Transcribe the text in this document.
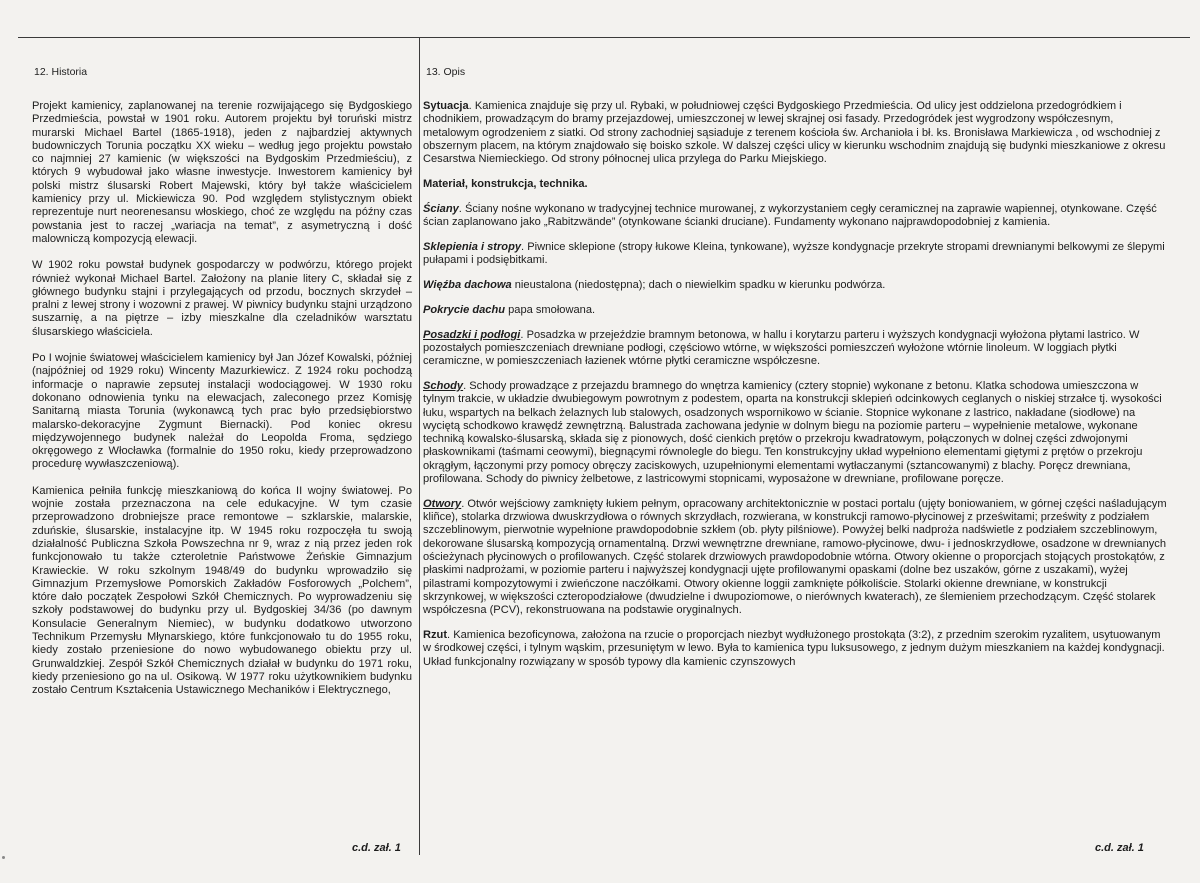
12. Historia	13. Opis

Projekt kamienicy, zaplanowanej na terenie rozwijającego się Bydgoskiego Przedmieścia, powstał w 1901 roku. Autorem projektu był toruński mistrz murarski Michael Bartel (1865-1918), jeden z najbardziej aktywnych budowniczych Torunia początku XX wieku – według jego projektu powstało co najmniej 27 kamienic (w większości na Bydgoskim Przedmieściu), z których 9 wybudował jako własne inwestycje. Inwestorem kamienicy był polski mistrz ślusarski Robert Majewski, który był także właścicielem kamienicy przy ul. Mickiewicza 90. Pod względem stylistycznym obiekt reprezentuje nurt neorenesansu włoskiego, choć ze względu na późny czas powstania jest to raczej „wariacja na temat”, z asymetryczną i dość malowniczą kompozycją elewacji.

W 1902 roku powstał budynek gospodarczy w podwórzu, którego projekt również wykonał Michael Bartel. Założony na planie litery C, składał się z głównego budynku stajni i przylegających od przodu, bocznych skrzydeł – pralni z lewej strony i wozowni z prawej. W piwnicy budynku stajni urządzono suszarnię, a na piętrze – izby mieszkalne dla czeladników warsztatu ślusarskiego właściciela.

Po I wojnie światowej właścicielem kamienicy był Jan Józef Kowalski, później (najpóźniej od 1929 roku) Wincenty Mazurkiewicz. Z 1924 roku pochodzą informacje o naprawie zepsutej instalacji wodociągowej. W 1930 roku dokonano odnowienia tynku na elewacjach, zaleconego przez Komisję Sanitarną miasta Torunia (wykonawcą tych prac było przedsiębiorstwo malarsko-dekoracyjne Zygmunt Biernacki). Pod koniec okresu międzywojennego budynek należał do Leopolda Froma, sędziego okręgowego z Włocławka (formalnie do 1950 roku, kiedy przeprowadzono procedurę wywłaszczeniową).

Kamienica pełniła funkcję mieszkaniową do końca II wojny światowej. Po wojnie została przeznaczona na cele edukacyjne. W tym czasie przeprowadzono drobniejsze prace remontowe – szklarskie, malarskie, zduńskie, ślusarskie, instalacyjne itp. W 1945 roku rozpoczęła tu swoją działalność Publiczna Szkoła Powszechna nr 9, wraz z nią przez jeden rok funkcjonowało tu także czteroletnie Państwowe Żeńskie Gimnazjum Krawieckie. W roku szkolnym 1948/49 do budynku wprowadziło się Gimnazjum Przemysłowe Pomorskich Zakładów Fosforowych „Polchem”, które dało początek Zespołowi Szkół Chemicznych. Po wyprowadzeniu się szkoły podstawowej do budynku przy ul. Bydgoskiej 34/36 (po dawnym Konsulacie Generalnym Niemiec), w budynku dodatkowo utworzono Technikum Przemysłu Młynarskiego, które funkcjonowało tu do 1955 roku, kiedy zostało przeniesione do nowo wybudowanego obiektu przy ul. Grunwaldzkiej. Zespół Szkół Chemicznych działał w budynku do 1971 roku, kiedy przeniesiono go na ul. Osikową. W 1977 roku użytkownikiem budynku zostało Centrum Kształcenia Ustawicznego Mechaników i Elektrycznego,

Sytuacja. Kamienica znajduje się przy ul. Rybaki, w południowej części Bydgoskiego Przedmieścia. Od ulicy jest oddzielona przedogródkiem i chodnikiem, prowadzącym do bramy przejazdowej, umieszczonej w lewej skrajnej osi fasady. Przedogródek jest wygrodzony współczesnym, metalowym ogrodzeniem z siatki. Od strony zachodniej sąsiaduje z terenem kościoła św. Archanioła i bł. ks. Bronisława Markiewicza , od wschodniej z obszernym placem, na którym znajdowało się boisko szkole. W dalszej części ulicy w kierunku wschodnim znajdują się budynki mieszkaniowe z okresu Cesarstwa Niemieckiego. Od strony północnej ulica przylega do Parku Miejskiego.

Materiał, konstrukcja, technika.

Ściany. Ściany nośne wykonano w tradycyjnej technice murowanej, z wykorzystaniem cegły ceramicznej na zaprawie wapiennej, otynkowane. Część ścian zaplanowano jako „Rabitzwände” (otynkowane ścianki druciane). Fundamenty wykonano najprawdopodobniej z kamienia.

Sklepienia i stropy. Piwnice sklepione (stropy łukowe Kleina, tynkowane), wyższe kondygnacje przekryte stropami drewnianymi belkowymi ze ślepymi pułapami i podsiębitkami.

Więźba dachowa nieustalona (niedostępna); dach o niewielkim spadku w kierunku podwórza.

Pokrycie dachu papa smołowana.

Posadzki i podłogi. Posadzka w przejeździe bramnym betonowa, w hallu i korytarzu parteru i wyższych kondygnacji wyłożona płytami lastrico. W pozostałych pomieszczeniach drewniane podłogi, częściowo wtórne, w większości pomieszczeń wyłożone wtórnie linoleum. W loggiach płytki ceramiczne, w pomieszczeniach łazienek wtórne płytki ceramiczne współczesne.

Schody. Schody prowadzące z przejazdu bramnego do wnętrza kamienicy (cztery stopnie) wykonane z betonu. Klatka schodowa umieszczona w tylnym trakcie, w układzie dwubiegowym powrotnym z podestem, oparta na konstrukcji sklepień odcinkowych ceglanych o niskiej strzałce tj. wysokości łuku, wspartych na belkach żelaznych lub stalowych, osadzonych wspornikowo w ścianie. Stopnice wykonane z lastrico, nakładane (siodłowe) na wyciętą schodkowo krawędź zewnętrzną. Balustrada zachowana jedynie w dolnym biegu na poziomie parteru – wypełnienie metalowe, wykonane techniką kowalsko-ślusarską, składa się z pionowych, dość cienkich prętów o przekroju kwadratowym, połączonych w dolnej części zdwojonymi płaskownikami (taśmami ceowymi), biegnącymi równolegle do biegu. Ten konstrukcyjny układ wypełniono elementami giętymi z prętów o przekroju okrągłym, łączonymi przy pomocy obręczy zaciskowych, uzupełnionymi elementami wytłaczanymi (sztancowanymi) z blachy. Poręcz drewniana, profilowana. Schody do piwnicy żelbetowe, z lastricowymi stopnicami, wyposażone w drewniane, profilowane poręcze.

Otwory. Otwór wejściowy zamknięty łukiem pełnym, opracowany architektonicznie w postaci portalu (ujęty boniowaniem, w górnej części naśladującym kliñce), stolarka drzwiowa dwuskrzydłowa o równych skrzydłach, rozwierana, w konstrukcji ramowo-płycinowej z prześwitami; prześwity z podziałem szczeblinowym, pierwotnie wypełnione prawdopodobnie szkłem (ob. płyty pilśniowe). Powyżej belki nadproża nadświetle z podziałem szczeblinowym, dekorowane ślusarską kompozycją ornamentalną. Drzwi wewnętrzne drewniane, ramowo-płycinowe, dwu- i jednoskrzydłowe, osadzone w drewnianych ościeżynach płycinowych o profilowanych. Część stolarek drzwiowych prawdopodobnie wtórna. Otwory okienne o proporcjach stojących prostokątów, z płaskimi nadprożami, w poziomie parteru i najwyższej kondygnacji ujęte profilowanymi opaskami (dolne bez uszaków, górne z uszakami), wyżej pilastrami kompozytowymi i zwieńczone naczółkami. Otwory okienne loggii zamknięte półkoliście. Stolarki okienne drewniane, w konstrukcji skrzynkowej, w większości czteropodziałowe (dwudzielne i dwupoziomowe, o nierównych kwaterach), ze ślemieniem przechodzącym. Część stolarek współczesna (PCV), rekonstruowana na podstawie oryginalnych.

Rzut. Kamienica bezoficynowa, założona na rzucie o proporcjach niezbyt wydłużonego prostokąta (3:2), z przednim szerokim ryzalitem, usytuowanym w środkowej części, i tylnym wąskim, przesuniętym w lewo. Była to kamienica typu luksusowego, z jednym dużym mieszkaniem na każdej kondygnacji. Układ funkcjonalny rozwiązany w sposób typowy dla kamienic czynszowych

c.d. zał. 1	c.d. zał. 1
